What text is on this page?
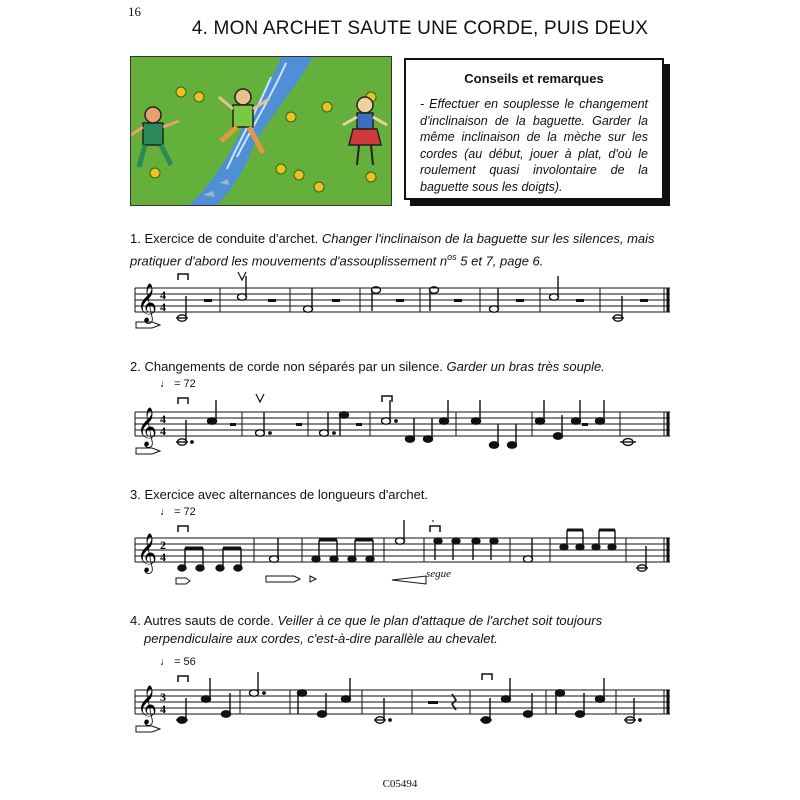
16
4. MON ARCHET SAUTE UNE CORDE, PUIS DEUX
Conseils et remarques

- Effectuer en souplesse le changement d'inclinaison de la baguette. Garder la même inclinaison de la mèche sur les cordes (au début, jouer à plat, d'où le roulement quasi involontaire de la baguette sous les doigts).

1. Exercice de conduite d'archet. Changer l'inclinaison de la baguette sur les silences, mais
pratiquer d'abord les mouvements d'assouplissement $n^{os}$ 5 et 7, page 6.
𝄞 4
4
2. Changements de corde non séparés par un silence. Garder un bras très souple.
♩ = 72
𝄞 4
4
3. Exercice avec alternances de longueurs d'archet.
♩ = 72
𝄞 2
4
segue
4. Autres sauts de corde. Veiller à ce que le plan d'attaque de l'archet soit toujours
perpendiculaire aux cordes, c'est-à-dire parallèle au chevalet.
♩ = 56
𝄞 3
4
C05494
